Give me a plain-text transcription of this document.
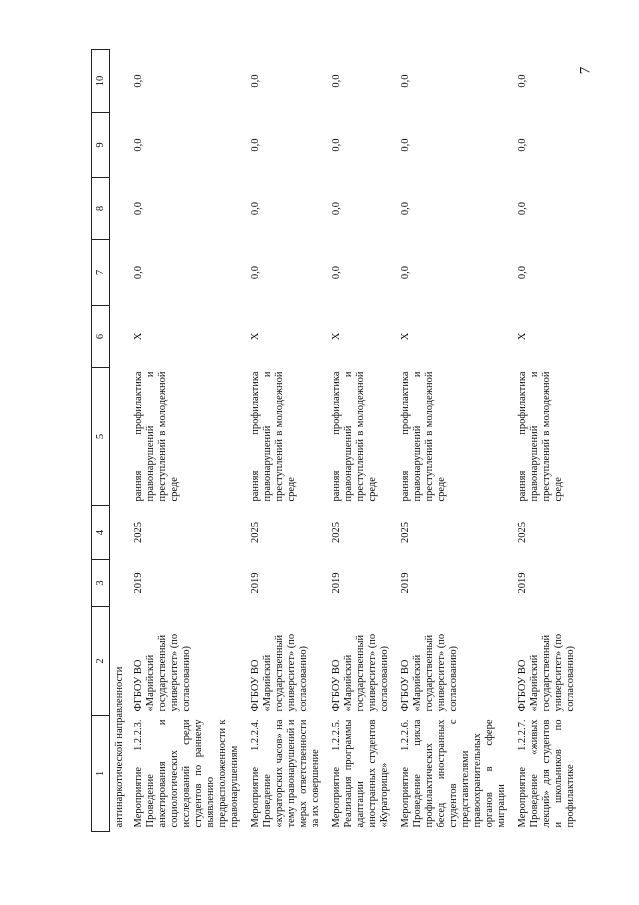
7
1	2	3	4	5	6	7	8	9	10
антинаркотической направленности									
Мероприятие 1.2.2.3. Проведение анкетирования и социологических исследований среди студентов по раннему выявлению предрасположенности к правонарушениям	ФГБОУ ВО «Марийский государственный университет» (по согласованию)	2019	2025	ранняя профилактика правонарушений и преступлений в молодежной среде	X	0,0	0,0	0,0	0,0
Мероприятие 1.2.2.4. Проведение «кураторских часов» на тему правонарушений и мерах ответственности за их совершение	ФГБОУ ВО «Марийский государственный университет» (по согласованию)	2019	2025	ранняя профилактика правонарушений и преступлений в молодежной среде	X	0,0	0,0	0,0	0,0
Мероприятие 1.2.2.5. Реализация программы адаптации иностранных студентов «Кураторище»	ФГБОУ ВО «Марийский государственный университет» (по согласованию)	2019	2025	ранняя профилактика правонарушений и преступлений в молодежной среде	X	0,0	0,0	0,0	0,0
Мероприятие 1.2.2.6. Проведение цикла профилактических бесед иностранных студентов с представителями правоохранительных органов в сфере миграции	ФГБОУ ВО «Марийский государственный университет» (по согласованию)	2019	2025	ранняя профилактика правонарушений и преступлений в молодежной среде	X	0,0	0,0	0,0	0,0
Мероприятие 1.2.2.7. Проведение «живых лекций» для студентов и школьников по профилактике	ФГБОУ ВО «Марийский государственный университет» (по согласованию)	2019	2025	ранняя профилактика правонарушений и преступлений в молодежной среде	X	0,0	0,0	0,0	0,0
